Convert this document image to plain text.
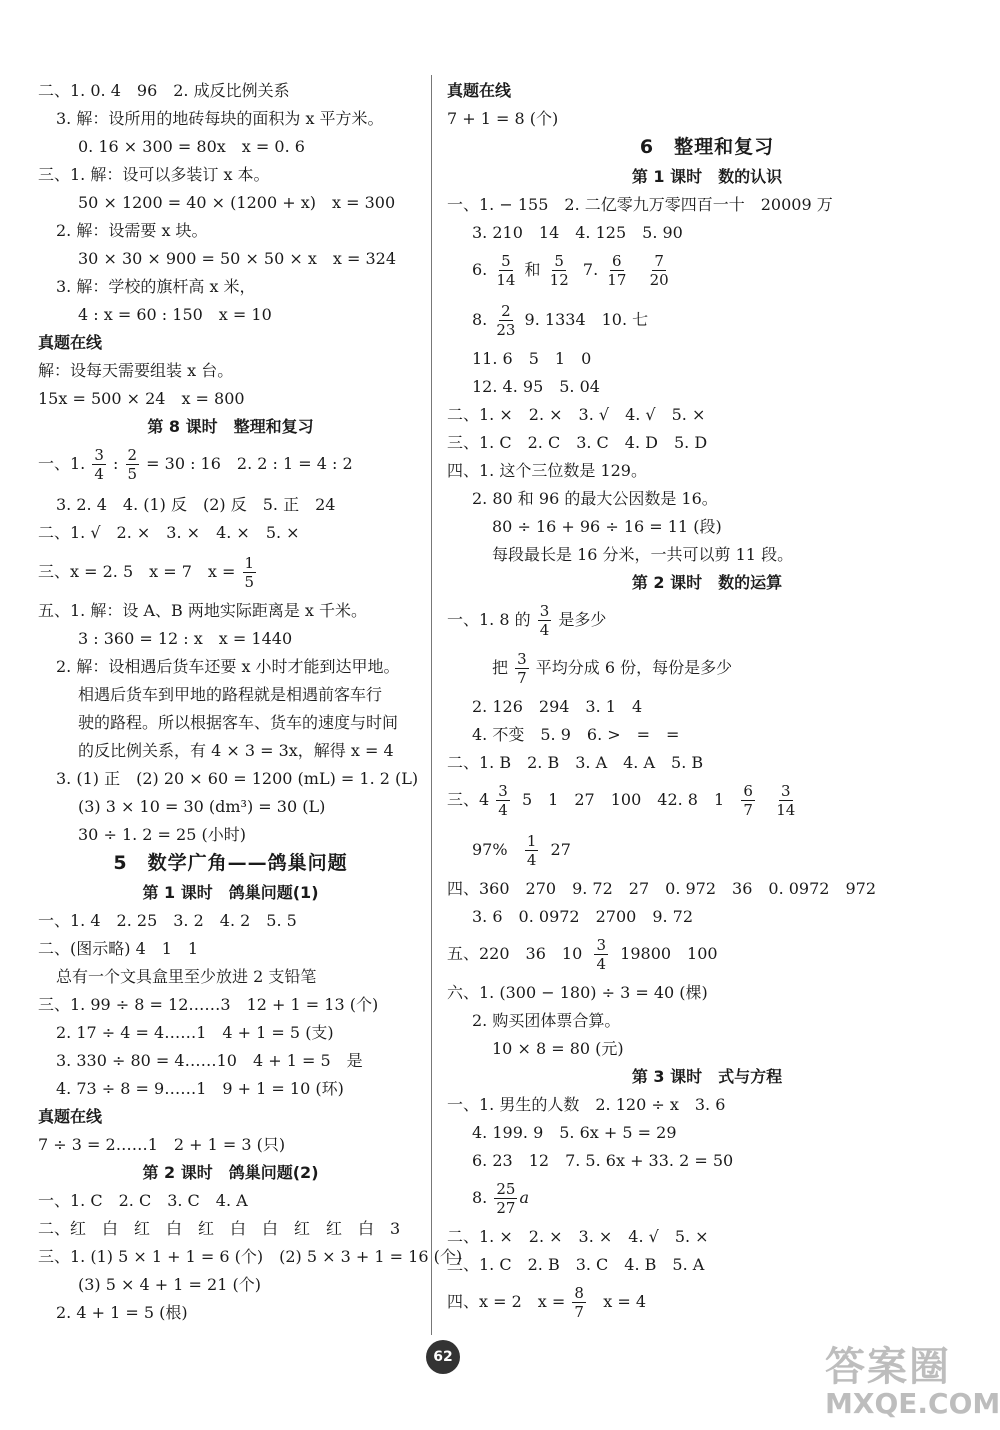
二、1. 0. 4　96　2. 成反比例关系
3. 解：设所用的地砖每块的面积为 x 平方米。
0. 16 × 300 = 80x　x = 0. 6
三、1. 解：设可以多装订 x 本。
50 × 1200 = 40 × (1200 + x)　x = 300
2. 解：设需要 x 块。
30 × 30 × 900 = 50 × 50 × x　x = 324
3. 解：学校的旗杆高 x 米，
4 : x = 60 : 150　x = 10
真题在线
解：设每天需要组装 x 台。
15x = 500 × 24　x = 800
第 8 课时　整理和复习
一、1. $\frac{3}{4}$ : $\frac{2}{5} = 30$ : 16　2. 2 : 1 = 4 : 2
3. 2. 4　4. (1) 反　(2) 反　5. 正　24
二、1. √　2. ×　3. ×　4. ×　5. ×
三、x = 2. 5　x = 7　$x = \frac{1}{5}$
五、1. 解：设 A、B 两地实际距离是 x 千米。
3 : 360 = 12 : x　x = 1440
2. 解：设相遇后货车还要 x 小时才能到达甲地。
相遇后货车到甲地的路程就是相遇前客车行
驶的路程。所以根据客车、货车的速度与时间
的反比例关系，有 4 × 3 = 3x，解得 x = 4
3. (1) 正　(2) 20 × 60 = 1200 (mL) = 1. 2 (L)
(3) 3 × 10 = 30 (dm³) = 30 (L)
30 ÷ 1. 2 = 25 (小时)
5　数学广角——鸽巢问题
第 1 课时　鸽巢问题(1)
一、1. 4　2. 25　3. 2　4. 2　5. 5
二、(图示略) 4　1　1
总有一个文具盒里至少放进 2 支铅笔
三、1. 99 ÷ 8 = 12……3　12 + 1 = 13 (个)
2. 17 ÷ 4 = 4……1　4 + 1 = 5 (支)
3. 330 ÷ 80 = 4……10　4 + 1 = 5　是
4. 73 ÷ 8 = 9……1　9 + 1 = 10 (环)
真题在线
7 ÷ 3 = 2……1　2 + 1 = 3 (只)
第 2 课时　鸽巢问题(2)
一、1. C　2. C　3. C　4. A
二、红　白　红　白　红　白　白　红　红　白　3
三、1. (1) 5 × 1 + 1 = 6 (个)　(2) 5 × 3 + 1 = 16 (个)
(3) 5 × 4 + 1 = 21 (个)
2. 4 + 1 = 5 (根)
真题在线
7 + 1 = 8 (个)
6　整理和复习
第 1 课时　数的认识
一、1. − 155　2. 二亿零九万零四百一十　20009 万
3. 210　14　4. 125　5. 90
6. $\frac{5}{14}$ 和 $\frac{5}{12} 7$. $\frac{6}{17}$
$\frac{7}{20}$
8. $\frac{2}{23} 9$. 1334　10. 七
11. 6　5　1　0
12. 4. 95　5. 04
二、1. ×　2. ×　3. √　4. √　5. ×
三、1. C　2. C　3. C　4. D　5. D
四、1. 这个三位数是 129。
2. 80 和 96 的最大公因数是 16。
80 ÷ 16 + 96 ÷ 16 = 11 (段)
每段最长是 16 分米，一共可以剪 11 段。
第 2 课时　数的运算
一、1. 8 的 $\frac{3}{4}$ 是多少
把 $\frac{3}{7}$ 平均分成 6 份，每份是多少
2. 126　294　3. 1　4
4. 不变　5. 9　6. >　=　=
二、1. B　2. B　3. A　4. A　5. B
三、$4 \frac{3}{4} 5$　1　27　100　42. 8　$1 \frac{6}{7}$
$\frac{3}{14}$
$97\% \frac{1}{4} 27$
四、360　270　9. 72　27　0. 972　36　0. 0972　972
3. 6　0. 0972　2700　9. 72
五、220　36　$10 \frac{3}{4} 19800$　100
六、1. (300 − 180) ÷ 3 = 40 (棵)
2. 购买团体票合算。
10 × 8 = 80 (元)
第 3 课时　式与方程
一、1. 男生的人数　2. 120 ÷ x　3. 6
4. 199. 9　5. 6x + 5 = 29
6. 23　12　7. 5. 6x + 33. 2 = 50
8. $\frac{25}{27}$ a
二、1. ×　2. ×　3. ×　4. √　5. ×
三、1. C　2. B　3. C　4. B　5. A
四、x = 2　$x = \frac{8}{7}$ x = 4
62	答案圈
MXQE.COM
